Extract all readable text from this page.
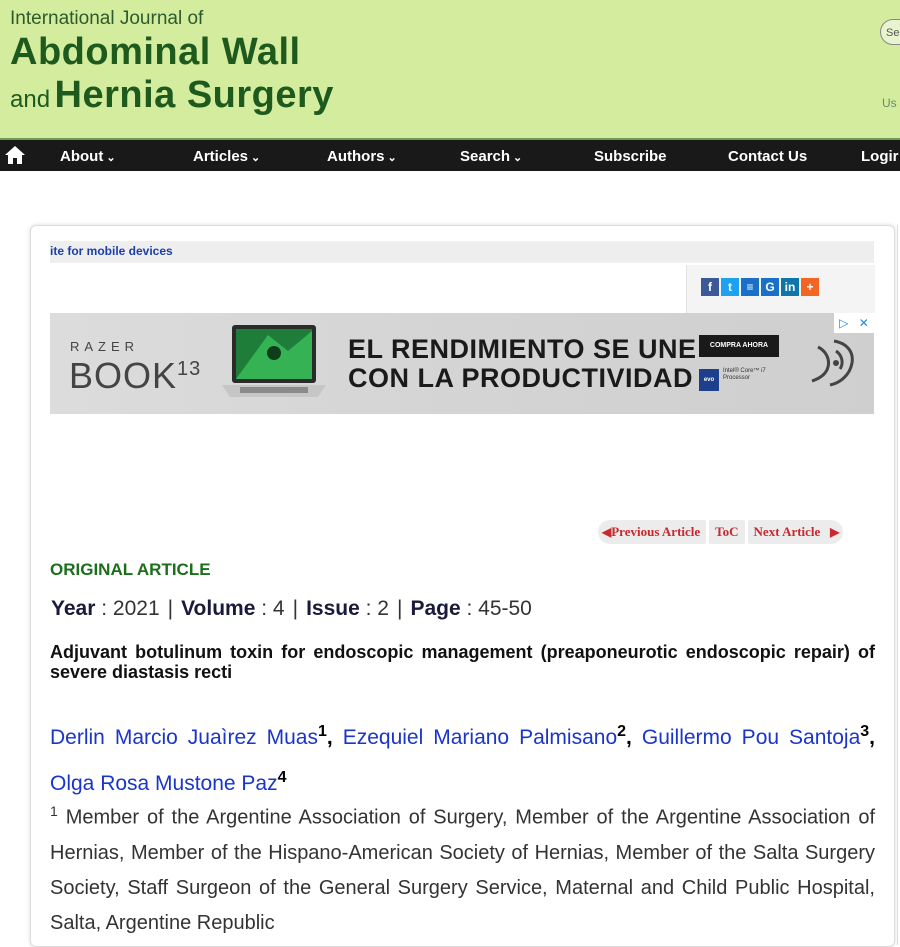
International Journal of
Abdominal Wall
and Hernia Surgery
Se
Us
About ⌄	Articles ⌄	Authors ⌄	Search ⌄	Subscribe	Contact Us	Logir
ite for mobile devices
f	t	≡ G in +
RAZER
BOOK$^{13}$
EL RENDIMIENTO SE UNE
CON LA PRODUCTIVIDAD
COMPRA AHORA
evo
Intel® Core™ i7 Processor
▷ ✕
◀Previous Article	ToC	Next Article ▶
ORIGINAL ARTICLE
Year : 2021 | Volume : 4 | Issue : 2 | Page : 45-50
Adjuvant botulinum toxin for endoscopic management (preaponeurotic endoscopic repair) of severe diastasis recti
Derlin Marcio Juaìrez Muas$^1$, Ezequiel Mariano Palmisano$^2$, Guillermo Pou Santoja$^3$, Olga Rosa Mustone Paz$^4$
$^1$ Member of the Argentine Association of Surgery, Member of the Argentine Association of Hernias, Member of the Hispano-American Society of Hernias, Member of the Salta Surgery Society, Staff Surgeon of the General Surgery Service, Maternal and Child Public Hospital, Salta, Argentine Republic
